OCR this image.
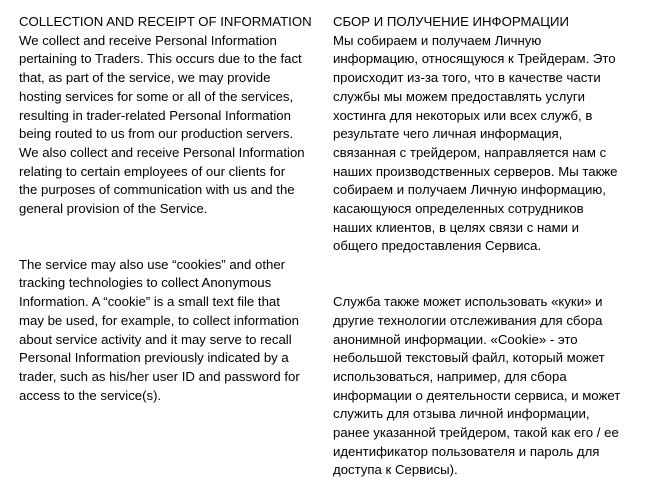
COLLECTION AND RECEIPT OF INFORMATION

We collect and receive Personal Information
pertaining to Traders. This occurs due to the fact
that, as part of the service, we may provide
hosting services for some or all of the services,
resulting in trader-related Personal Information
being routed to us from our production servers.
We also collect and receive Personal Information
relating to certain employees of our clients for
the purposes of communication with us and the
general provision of the Service.

The service may also use “cookies” and other
tracking technologies to collect Anonymous
Information. A “cookie” is a small text file that
may be used, for example, to collect information
about service activity and it may serve to recall
Personal Information previously indicated by a
trader, such as his/her user ID and password for
access to the service(s).

СБОР И ПОЛУЧЕНИЕ ИНФОРМАЦИИ

Мы собираем и получаем Личную
информацию, относящуюся к Трейдерам. Это
происходит из-за того, что в качестве части
службы мы можем предоставлять услуги
хостинга для некоторых или всех служб, в
результате чего личная информация,
связанная с трейдером, направляется нам с
наших производственных серверов. Мы также
собираем и получаем Личную информацию,
касающуюся определенных сотрудников
наших клиентов, в целях связи с нами и
общего предоставления Сервиса.

Служба также может использовать «куки» и
другие технологии отслеживания для сбора
анонимной информации. «Cookie» - это
небольшой текстовый файл, который может
использоваться, например, для сбора
информации о деятельности сервиса, и может
служить для отзыва личной информации,
ранее указанной трейдером, такой как его / ее
идентификатор пользователя и пароль для
доступа к Сервисы).
